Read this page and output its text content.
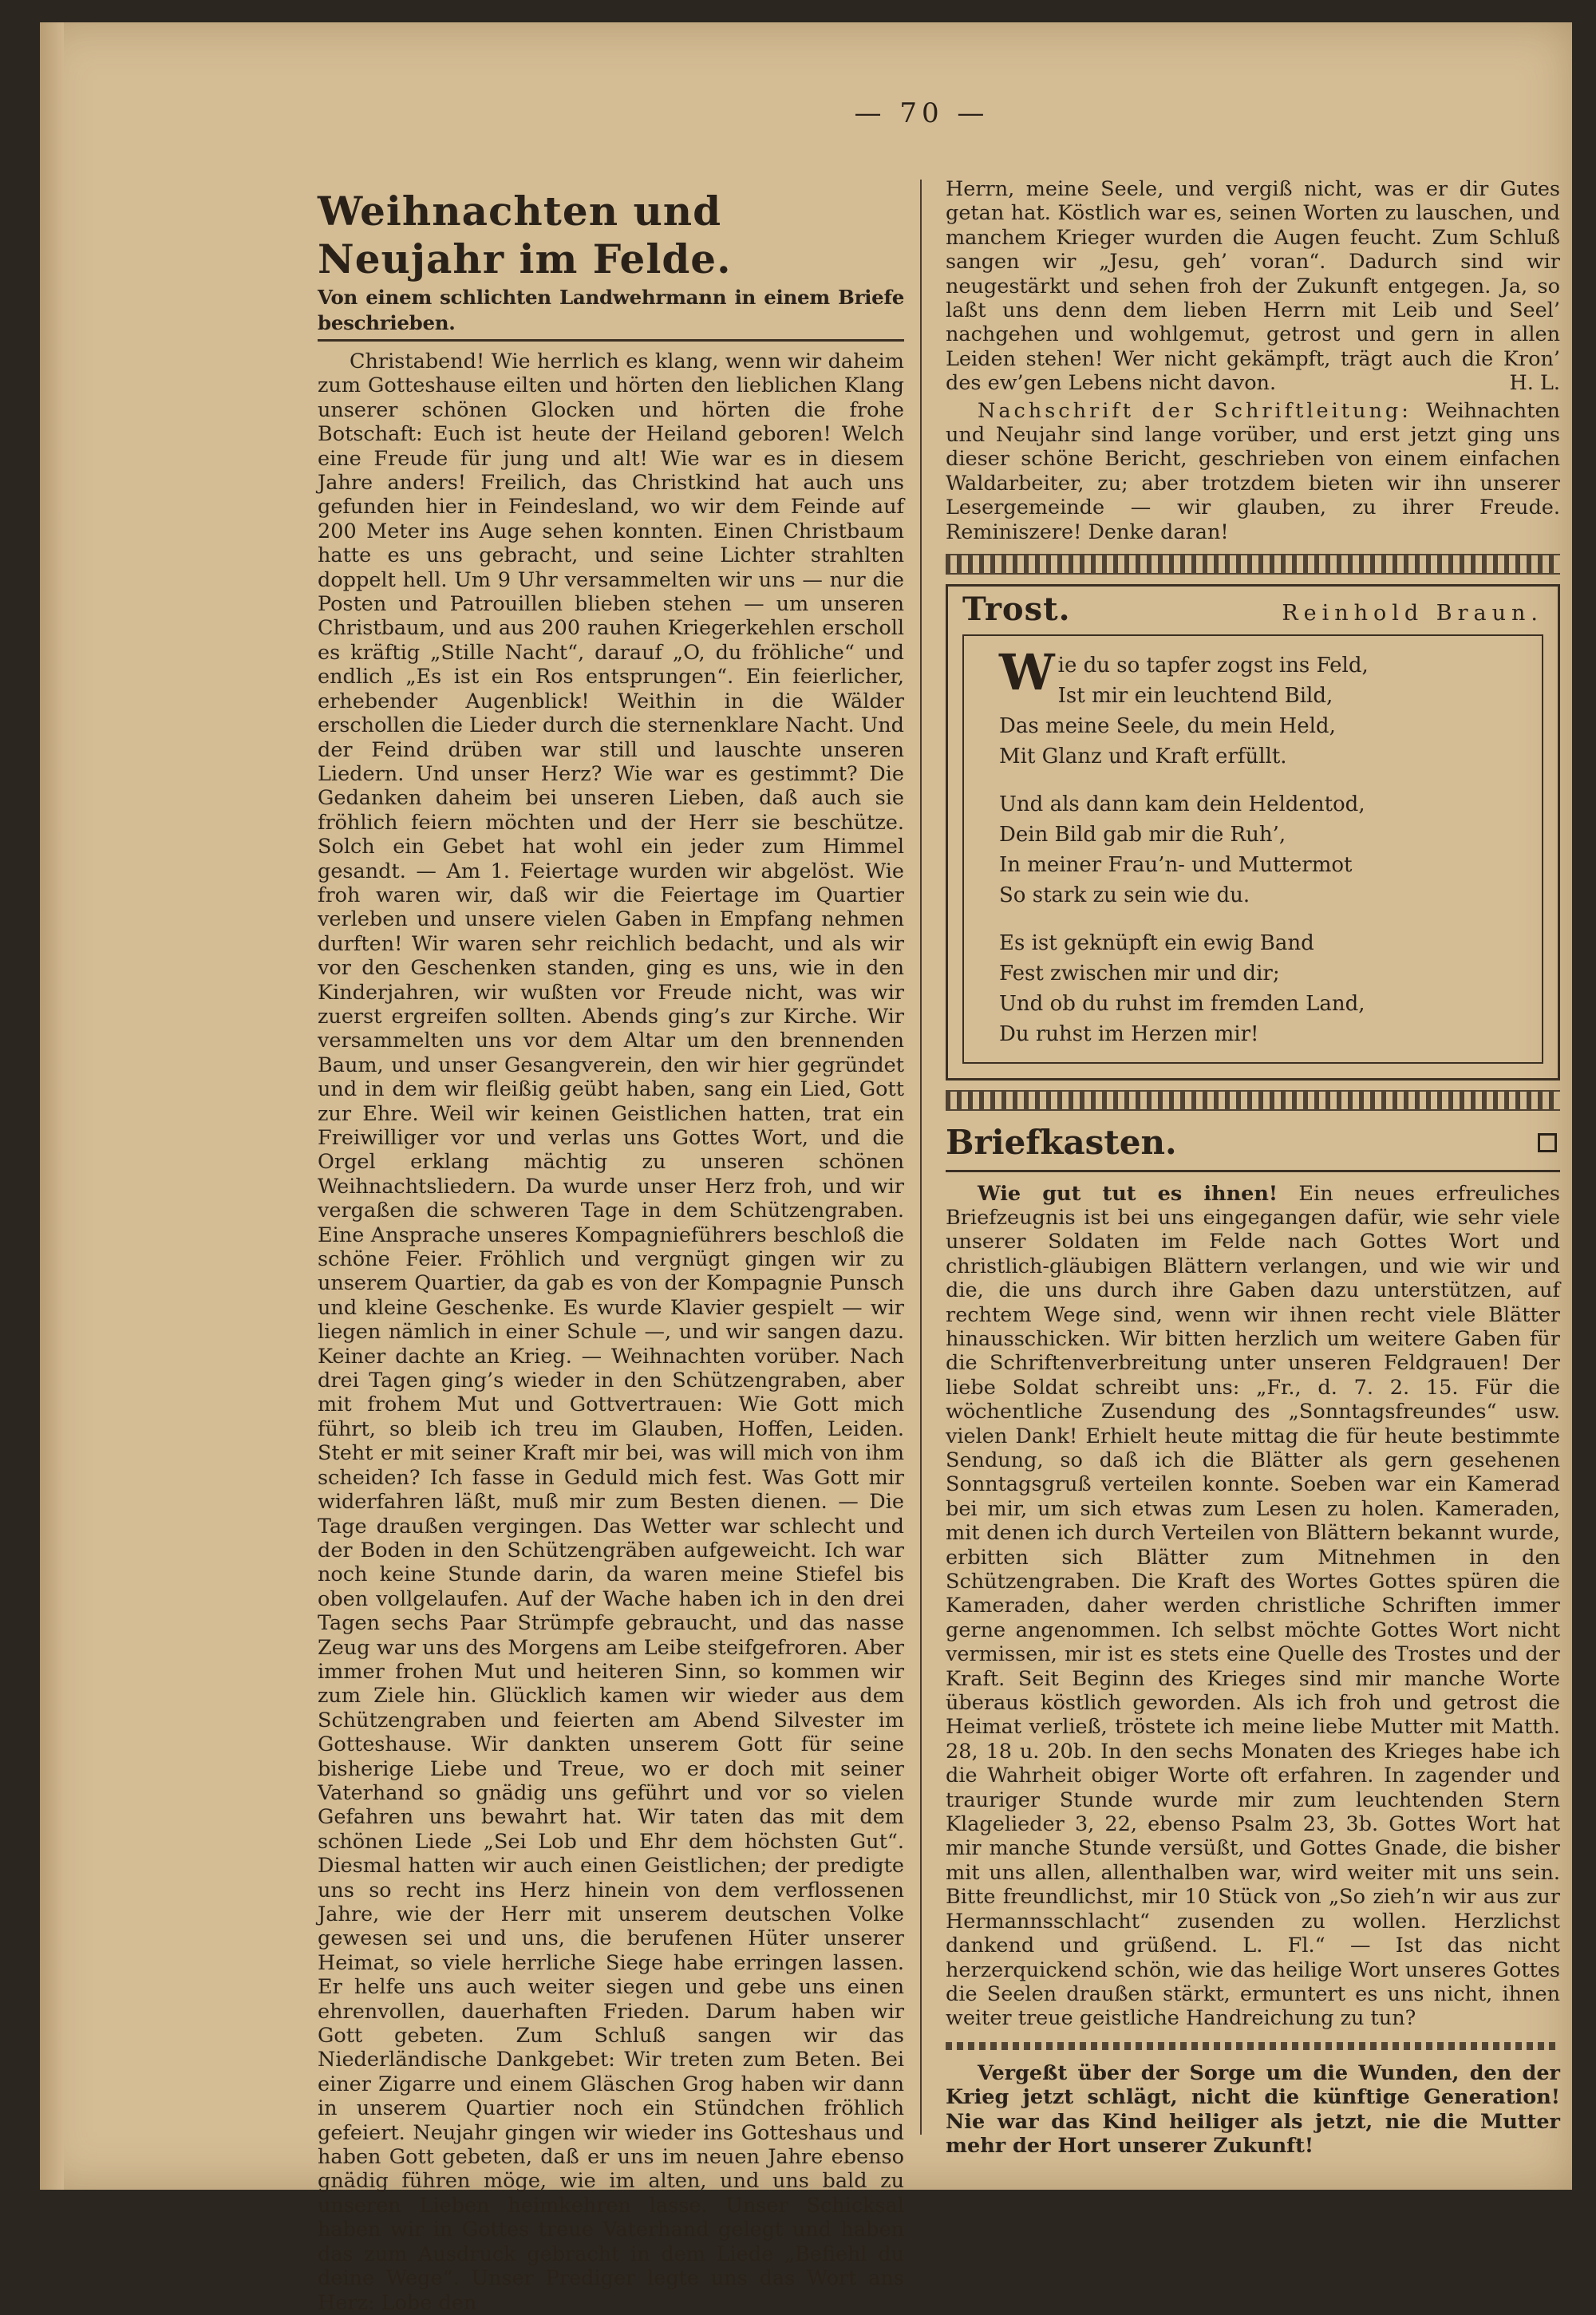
— 70 —
Weihnachten und Neujahr im Felde.
Von einem schlichten Landwehrmann in einem Briefe beschrieben.

Christabend! Wie herrlich es klang, wenn wir daheim zum Gotteshause eilten und hörten den lieblichen Klang unserer schönen Glocken und hörten die frohe Botschaft: Euch ist heute der Heiland geboren! Welch eine Freude für jung und alt! Wie war es in diesem Jahre anders! Freilich, das Christkind hat auch uns gefunden hier in Feindesland, wo wir dem Feinde auf 200 Meter ins Auge sehen konnten. Einen Christbaum hatte es uns gebracht, und seine Lichter strahlten doppelt hell. Um 9 Uhr versammelten wir uns — nur die Posten und Patrouillen blieben stehen — um unseren Christbaum, und aus 200 rauhen Kriegerkehlen erscholl es kräftig „Stille Nacht“, darauf „O, du fröhliche“ und endlich „Es ist ein Ros entsprungen“. Ein feierlicher, erhebender Augenblick! Weithin in die Wälder erschollen die Lieder durch die sternenklare Nacht. Und der Feind drüben war still und lauschte unseren Liedern. Und unser Herz? Wie war es gestimmt? Die Gedanken daheim bei unseren Lieben, daß auch sie fröhlich feiern möchten und der Herr sie beschütze. Solch ein Gebet hat wohl ein jeder zum Himmel gesandt. — Am 1. Feiertage wurden wir abgelöst. Wie froh waren wir, daß wir die Feiertage im Quartier verleben und unsere vielen Gaben in Empfang nehmen durften! Wir waren sehr reichlich bedacht, und als wir vor den Geschenken standen, ging es uns, wie in den Kinderjahren, wir wußten vor Freude nicht, was wir zuerst ergreifen sollten. Abends ging’s zur Kirche. Wir versammelten uns vor dem Altar um den brennenden Baum, und unser Gesangverein, den wir hier gegründet und in dem wir fleißig geübt haben, sang ein Lied, Gott zur Ehre. Weil wir keinen Geistlichen hatten, trat ein Freiwilliger vor und verlas uns Gottes Wort, und die Orgel erklang mächtig zu unseren schönen Weihnachtsliedern. Da wurde unser Herz froh, und wir vergaßen die schweren Tage in dem Schützengraben. Eine Ansprache unseres Kompagnieführers beschloß die schöne Feier. Fröhlich und vergnügt gingen wir zu unserem Quartier, da gab es von der Kompagnie Punsch und kleine Geschenke. Es wurde Klavier gespielt — wir liegen nämlich in einer Schule —, und wir sangen dazu. Keiner dachte an Krieg. — Weihnachten vorüber. Nach drei Tagen ging’s wieder in den Schützengraben, aber mit frohem Mut und Gottvertrauen: Wie Gott mich führt, so bleib ich treu im Glauben, Hoffen, Leiden. Steht er mit seiner Kraft mir bei, was will mich von ihm scheiden? Ich fasse in Geduld mich fest. Was Gott mir widerfahren läßt, muß mir zum Besten dienen. — Die Tage draußen vergingen. Das Wetter war schlecht und der Boden in den Schützengräben aufgeweicht. Ich war noch keine Stunde darin, da waren meine Stiefel bis oben vollgelaufen. Auf der Wache haben ich in den drei Tagen sechs Paar Strümpfe gebraucht, und das nasse Zeug war uns des Morgens am Leibe steifgefroren. Aber immer frohen Mut und heiteren Sinn, so kommen wir zum Ziele hin. Glücklich kamen wir wieder aus dem Schützengraben und feierten am Abend Silvester im Gotteshause. Wir dankten unserem Gott für seine bisherige Liebe und Treue, wo er doch mit seiner Vaterhand so gnädig uns geführt und vor so vielen Gefahren uns bewahrt hat. Wir taten das mit dem schönen Liede „Sei Lob und Ehr dem höchsten Gut“. Diesmal hatten wir auch einen Geistlichen; der predigte uns so recht ins Herz hinein von dem verflossenen Jahre, wie der Herr mit unserem deutschen Volke gewesen sei und uns, die berufenen Hüter unserer Heimat, so viele herrliche Siege habe erringen lassen. Er helfe uns auch weiter siegen und gebe uns einen ehrenvollen, dauerhaften Frieden. Darum haben wir Gott gebeten. Zum Schluß sangen wir das Niederländische Dankgebet: Wir treten zum Beten. Bei einer Zigarre und einem Gläschen Grog haben wir dann in unserem Quartier noch ein Stündchen fröhlich gefeiert. Neujahr gingen wir wieder ins Gotteshaus und haben Gott gebeten, daß er uns im neuen Jahre ebenso gnädig führen möge, wie im alten, und uns bald zu unseren Lieben heimkehren lasse. Unser Schicksal haben wir in Gottes treue Vaterhand gelegt und haben das zum Ausdruck gebracht in dem Liede „Befiehl du deine Wege“. Unser Prediger legte uns das Wort ans Herz: Lobe den

Herrn, meine Seele, und vergiß nicht, was er dir Gutes getan hat. Köstlich war es, seinen Worten zu lauschen, und manchem Krieger wurden die Augen feucht. Zum Schluß sangen wir „Jesu, geh’ voran“. Dadurch sind wir neugestärkt und sehen froh der Zukunft entgegen. Ja, so laßt uns denn dem lieben Herrn mit Leib und Seel’ nachgehen und wohlgemut, getrost und gern in allen Leiden stehen! Wer nicht gekämpft, trägt auch die Kron’ des ew’gen Lebens nicht davon.	H. L.

Nachschrift der Schriftleitung: Weihnachten und Neujahr sind lange vorüber, und erst jetzt ging uns dieser schöne Bericht, geschrieben von einem einfachen Waldarbeiter, zu; aber trotzdem bieten wir ihn unserer Lesergemeinde — wir glauben, zu ihrer Freude. Reminiszere! Denke daran!

Trost.	Reinhold Braun.
W ie du so tapfer zogst ins Feld,
Ist mir ein leuchtend Bild,
Das meine Seele, du mein Held,
Mit Glanz und Kraft erfüllt.
Und als dann kam dein Heldentod,
Dein Bild gab mir die Ruh’,
In meiner Frau’n- und Muttermot
So stark zu sein wie du.
Es ist geknüpft ein ewig Band
Fest zwischen mir und dir;
Und ob du ruhst im fremden Land,
Du ruhst im Herzen mir!
Briefkasten.

Wie gut tut es ihnen! Ein neues erfreuliches Briefzeugnis ist bei uns eingegangen dafür, wie sehr viele unserer Soldaten im Felde nach Gottes Wort und christlich-gläubigen Blättern verlangen, und wie wir und die, die uns durch ihre Gaben dazu unterstützen, auf rechtem Wege sind, wenn wir ihnen recht viele Blätter hinausschicken. Wir bitten herzlich um weitere Gaben für die Schriftenverbreitung unter unseren Feldgrauen! Der liebe Soldat schreibt uns: „Fr., d. 7. 2. 15. Für die wöchentliche Zusendung des „Sonntagsfreundes“ usw. vielen Dank! Erhielt heute mittag die für heute bestimmte Sendung, so daß ich die Blätter als gern gesehenen Sonntagsgruß verteilen konnte. Soeben war ein Kamerad bei mir, um sich etwas zum Lesen zu holen. Kameraden, mit denen ich durch Verteilen von Blättern bekannt wurde, erbitten sich Blätter zum Mitnehmen in den Schützengraben. Die Kraft des Wortes Gottes spüren die Kameraden, daher werden christliche Schriften immer gerne angenommen. Ich selbst möchte Gottes Wort nicht vermissen, mir ist es stets eine Quelle des Trostes und der Kraft. Seit Beginn des Krieges sind mir manche Worte überaus köstlich geworden. Als ich froh und getrost die Heimat verließ, tröstete ich meine liebe Mutter mit Matth. 28, 18 u. 20b. In den sechs Monaten des Krieges habe ich die Wahrheit obiger Worte oft erfahren. In zagender und trauriger Stunde wurde mir zum leuchtenden Stern Klagelieder 3, 22, ebenso Psalm 23, 3b. Gottes Wort hat mir manche Stunde versüßt, und Gottes Gnade, die bisher mit uns allen, allenthalben war, wird weiter mit uns sein. Bitte freundlichst, mir 10 Stück von „So zieh’n wir aus zur Hermannsschlacht“ zusenden zu wollen. Herzlichst dankend und grüßend. L. Fl.“ — Ist das nicht herzerquickend schön, wie das heilige Wort unseres Gottes die Seelen draußen stärkt, ermuntert es uns nicht, ihnen weiter treue geistliche Handreichung zu tun?

Vergeßt über der Sorge um die Wunden, den der Krieg jetzt schlägt, nicht die künftige Generation! Nie war das Kind heiliger als jetzt, nie die Mutter mehr der Hort unserer Zukunft!
